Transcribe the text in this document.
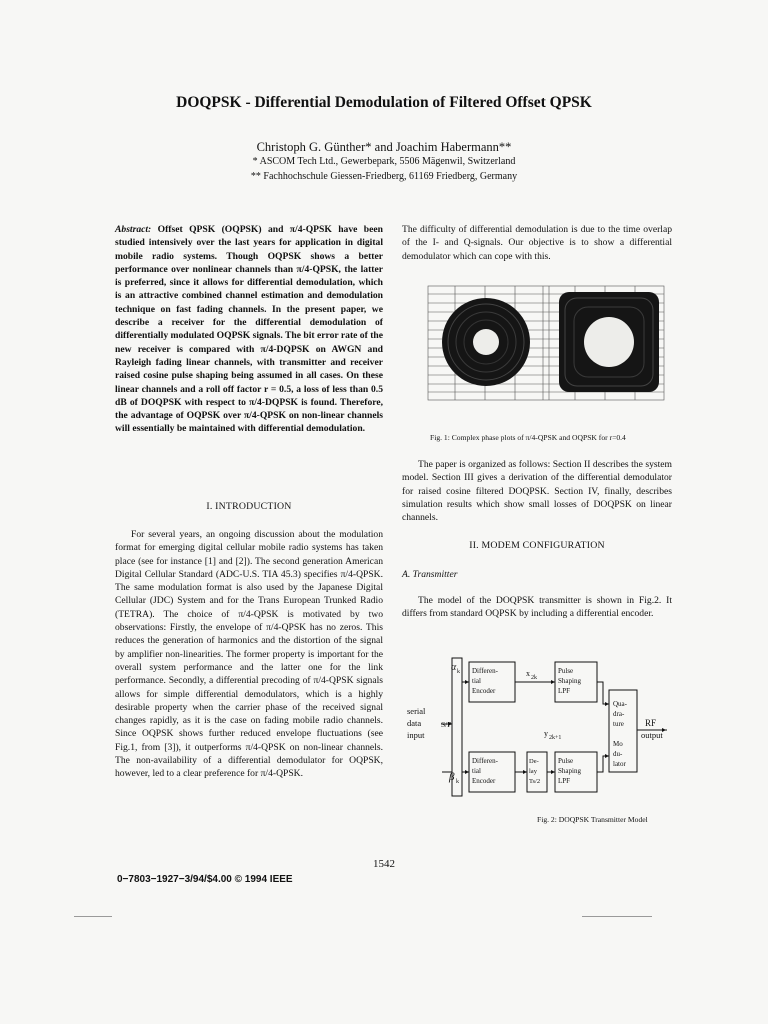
DOQPSK - Differential Demodulation of Filtered Offset QPSK
Christoph G. Günther* and Joachim Habermann**
* ASCOM Tech Ltd., Gewerbepark, 5506 Mägenwil, Switzerland
** Fachhochschule Giessen-Friedberg, 61169 Friedberg, Germany

Abstract: Offset QPSK (OQPSK) and π/4-QPSK have been studied intensively over the last years for application in digital mobile radio systems. Though OQPSK shows a better performance over nonlinear channels than π/4-QPSK, the latter is preferred, since it allows for differential demodulation, which is an attractive combined channel estimation and demodulation technique on fast fading channels. In the present paper, we describe a receiver for the differential demodulation of differentially modulated OQPSK signals. The bit error rate of the new receiver is compared with π/4-DQPSK on AWGN and Rayleigh fading linear channels, with transmitter and receiver raised cosine pulse shaping being assumed in all cases. On these linear channels and a roll off factor r = 0.5, a loss of less than 0.5 dB of DOQPSK with respect to π/4-DQPSK is found. Therefore, the advantage of OQPSK over π/4-QPSK on non-linear channels will essentially be maintained with differential demodulation.

I. INTRODUCTION

For several years, an ongoing discussion about the modulation format for emerging digital cellular mobile radio systems has taken place (see for instance [1] and [2]). The second generation American Digital Cellular Standard (ADC-U.S. TIA 45.3) specifies π/4-QPSK. The same modulation format is also used by the Japanese Digital Cellular (JDC) System and for the Trans European Trunked Radio (TETRA). The choice of π/4-QPSK is motivated by two observations: Firstly, the envelope of π/4-QPSK has no zeros. This reduces the generation of harmonics and the distortion of the signal by amplifier non-linearities. The former property is important for the overall system performance and the latter one for the link performance. Secondly, a differential precoding of π/4-QPSK signals allows for simple differential demodulators, which is a highly desirable property when the carrier phase of the received signal changes rapidly, as it is the case on fading mobile radio channels. Since OQPSK shows further reduced envelope fluctuations (see Fig.1, from [3]), it outperforms π/4-QPSK on non-linear channels. The non-availability of a differential demodulator for OQPSK, however, led to a clear preference for π/4-QPSK.

The difficulty of differential demodulation is due to the time overlap of the I- and Q-signals. Our objective is to show a differential demodulator which can cope with this.

Fig. 1: Complex phase plots of π/4-QPSK and OQPSK for r=0.4

The paper is organized as follows: Section II describes the system model. Section III gives a derivation of the differential demodulator for raised cosine filtered DOQPSK. Section IV, finally, describes simulation results which show small losses of DOQPSK on linear channels.

II. MODEM CONFIGURATION
A. Transmitter

The model of the DOQPSK transmitter is shown in Fig.2. It differs from standard OQPSK by including a differential encoder.

α k
β k
x 2k
y 2k+1
Differen- tial Encoder
Differen- tial Encoder
Pulse Shaping LPF
Pulse Shaping LPF
De- lay Ts/2
Qua- dra- ture Mo du- lator
serial data input
S/P	RF
output
Fig. 2: DOQPSK Transmitter Model
1542
0−7803−1927−3/94/$4.00 © 1994 IEEE
